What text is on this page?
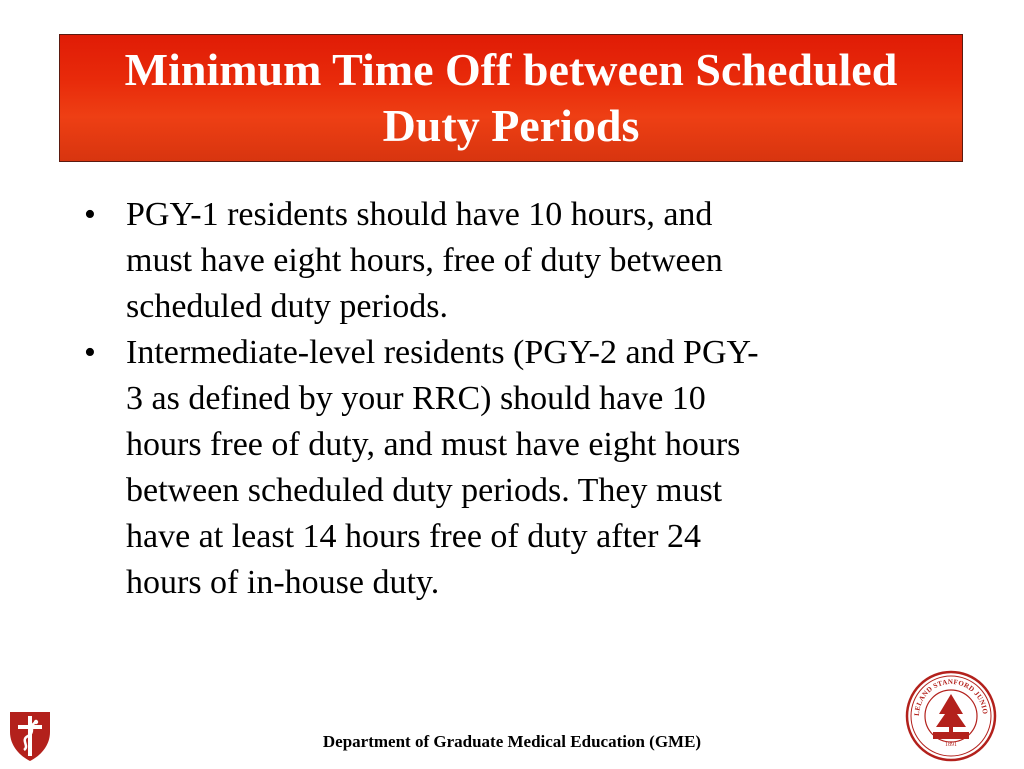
Minimum Time Off between Scheduled
Duty Periods
• PGY-1 residents should have 10 hours, and
must have eight hours, free of duty between
scheduled duty periods.
• Intermediate-level residents (PGY-2 and PGY-
3 as defined by your RRC) should have 10
hours free of duty, and must have eight hours
between scheduled duty periods. They must
have at least 14 hours free of duty after 24
hours of in-house duty.
Department of Graduate Medical Education (GME)
LELAND STANFORD JUNIO
1891
